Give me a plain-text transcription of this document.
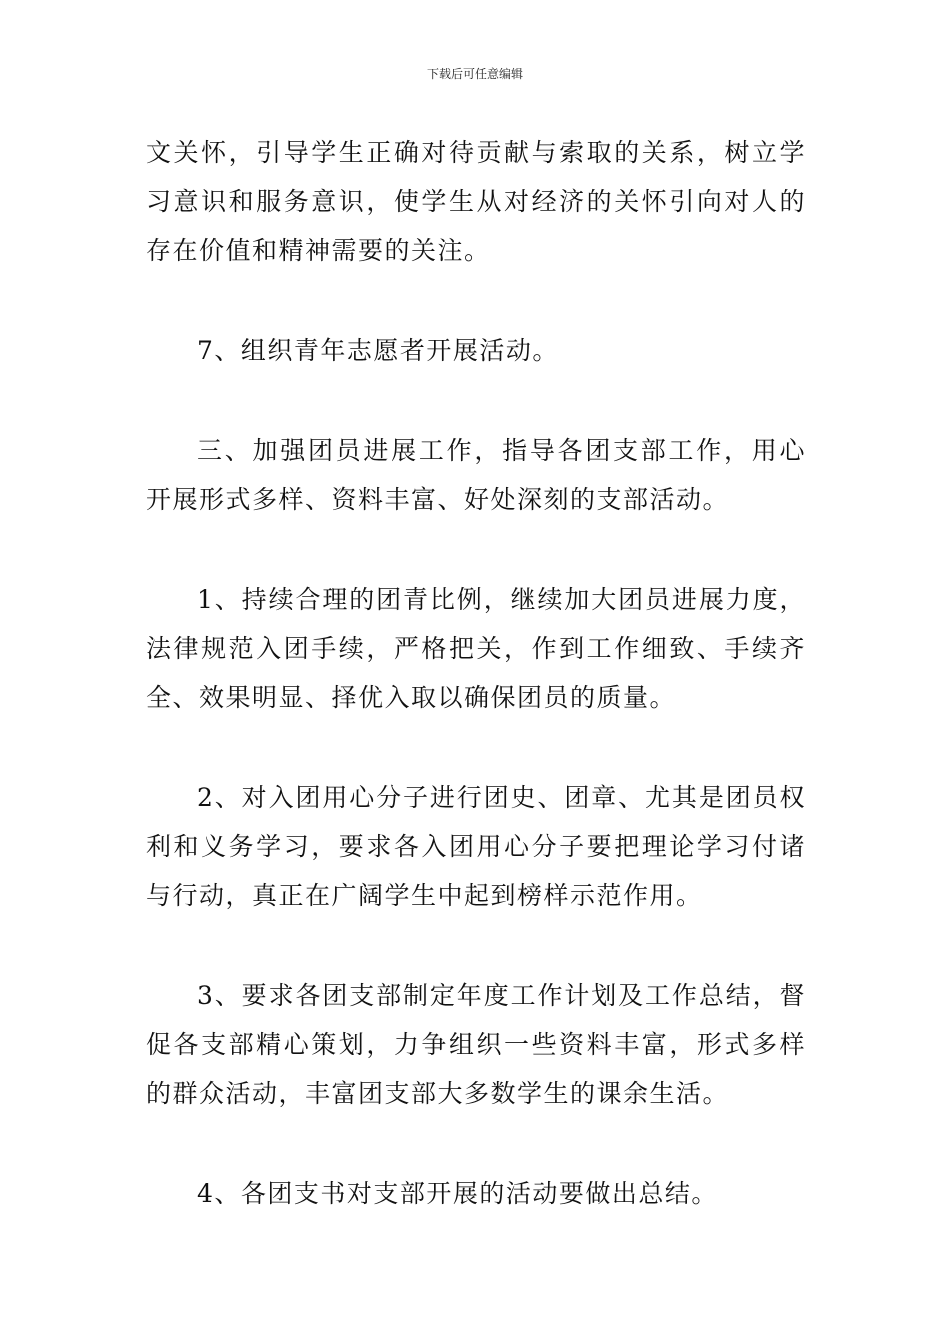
下载后可任意编辑

文关怀，引导学生正确对待贡献与索取的关系，树立学习意识和服务意识，使学生从对经济的关怀引向对人的存在价值和精神需要的关注。

7、组织青年志愿者开展活动。

三、加强团员进展工作，指导各团支部工作，用心开展形式多样、资料丰富、好处深刻的支部活动。

1、持续合理的团青比例，继续加大团员进展力度，法律规范入团手续，严格把关，作到工作细致、手续齐全、效果明显、择优入取以确保团员的质量。

2、对入团用心分子进行团史、团章、尤其是团员权利和义务学习，要求各入团用心分子要把理论学习付诸与行动，真正在广阔学生中起到榜样示范作用。

3、要求各团支部制定年度工作计划及工作总结，督促各支部精心策划，力争组织一些资料丰富，形式多样的群众活动，丰富团支部大多数学生的课余生活。

4、各团支书对支部开展的活动要做出总结。
